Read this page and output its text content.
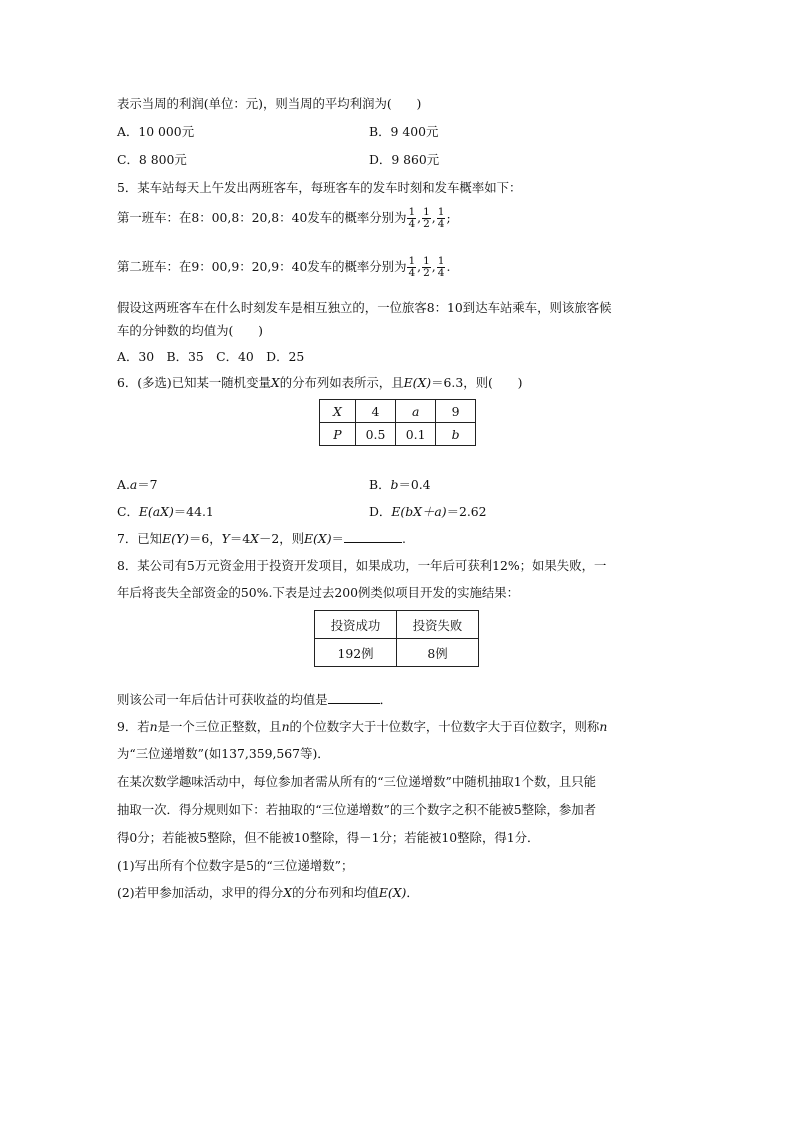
表示当周的利润(单位：元)，则当周的平均利润为(　　)
A．10 000元	B．9 400元
C．8 800元	D．9 860元
5．某车站每天上午发出两班客车，每班客车的发车时刻和发车概率如下：
第一班车：在8：00,8：20,8：40发车的概率分别为 $\frac{1}{4}$ , $\frac{1}{2}$ , $\frac{1}{4}$ ;
第二班车：在9：00,9：20,9：40发车的概率分别为 $\frac{1}{4}$ , $\frac{1}{2}$ , $\frac{1}{4}$ .
假设这两班客车在什么时刻发车是相互独立的，一位旅客8：10到达车站乘车，则该旅客候
车的分钟数的均值为(　　)
A．30　B．35　C．40　D．25
6．(多选)已知某一随机变量X的分布列如表所示，且E(X)＝6.3，则(　　)
X	4	a	9
P	0.5	0.1	b
A.a＝7	B．b＝0.4
C．E(aX)＝44.1	D．E(bX＋a)＝2.62
7．已知E(Y)＝6，Y＝4X－2，则E(X)＝	.
8．某公司有5万元资金用于投资开发项目，如果成功，一年后可获利12%；如果失败，一
年后将丧失全部资金的50%.下表是过去200例类似项目开发的实施结果：
投资成功	投资失败
192例	8例
则该公司一年后估计可获收益的均值是	．
9．若n是一个三位正整数，且n的个位数字大于十位数字，十位数字大于百位数字，则称n
为“三位递增数”(如137,359,567等)．
在某次数学趣味活动中，每位参加者需从所有的“三位递增数”中随机抽取1个数，且只能
抽取一次．得分规则如下：若抽取的“三位递增数”的三个数字之积不能被5整除，参加者
得0分；若能被5整除，但不能被10整除，得－1分；若能被10整除，得1分．
(1)写出所有个位数字是5的“三位递增数”；
(2)若甲参加活动，求甲的得分X的分布列和均值E(X)．
